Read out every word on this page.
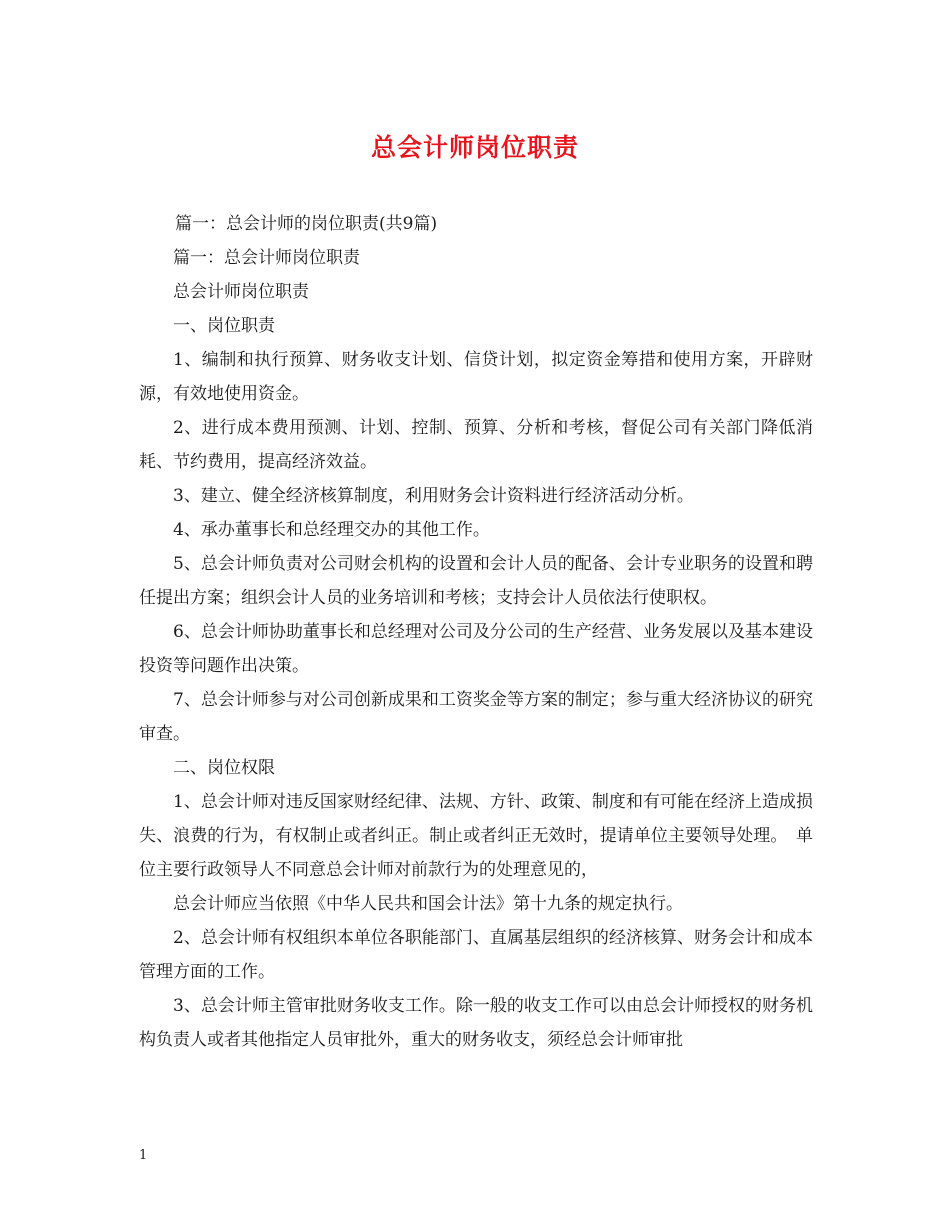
总会计师岗位职责

篇一：总会计师的岗位职责(共9篇)

篇一：总会计师岗位职责

总会计师岗位职责

一、岗位职责

1、编制和执行预算、财务收支计划、信贷计划，拟定资金筹措和使用方案，开辟财源，有效地使用资金。

2、进行成本费用预测、计划、控制、预算、分析和考核，督促公司有关部门降低消耗、节约费用，提高经济效益。

3、建立、健全经济核算制度，利用财务会计资料进行经济活动分析。

4、承办董事长和总经理交办的其他工作。

5、总会计师负责对公司财会机构的设置和会计人员的配备、会计专业职务的设置和聘任提出方案；组织会计人员的业务培训和考核；支持会计人员依法行使职权。

6、总会计师协助董事长和总经理对公司及分公司的生产经营、业务发展以及基本建设投资等问题作出决策。

7、总会计师参与对公司创新成果和工资奖金等方案的制定；参与重大经济协议的研究审查。

二、岗位权限

1、总会计师对违反国家财经纪律、法规、方针、政策、制度和有可能在经济上造成损失、浪费的行为，有权制止或者纠正。制止或者纠正无效时，提请单位主要领导处理。　单位主要行政领导人不同意总会计师对前款行为的处理意见的，

总会计师应当依照《中华人民共和国会计法》第十九条的规定执行。

2、总会计师有权组织本单位各职能部门、直属基层组织的经济核算、财务会计和成本管理方面的工作。

3、总会计师主管审批财务收支工作。除一般的收支工作可以由总会计师授权的财务机构负责人或者其他指定人员审批外，重大的财务收支，须经总会计师审批

1
